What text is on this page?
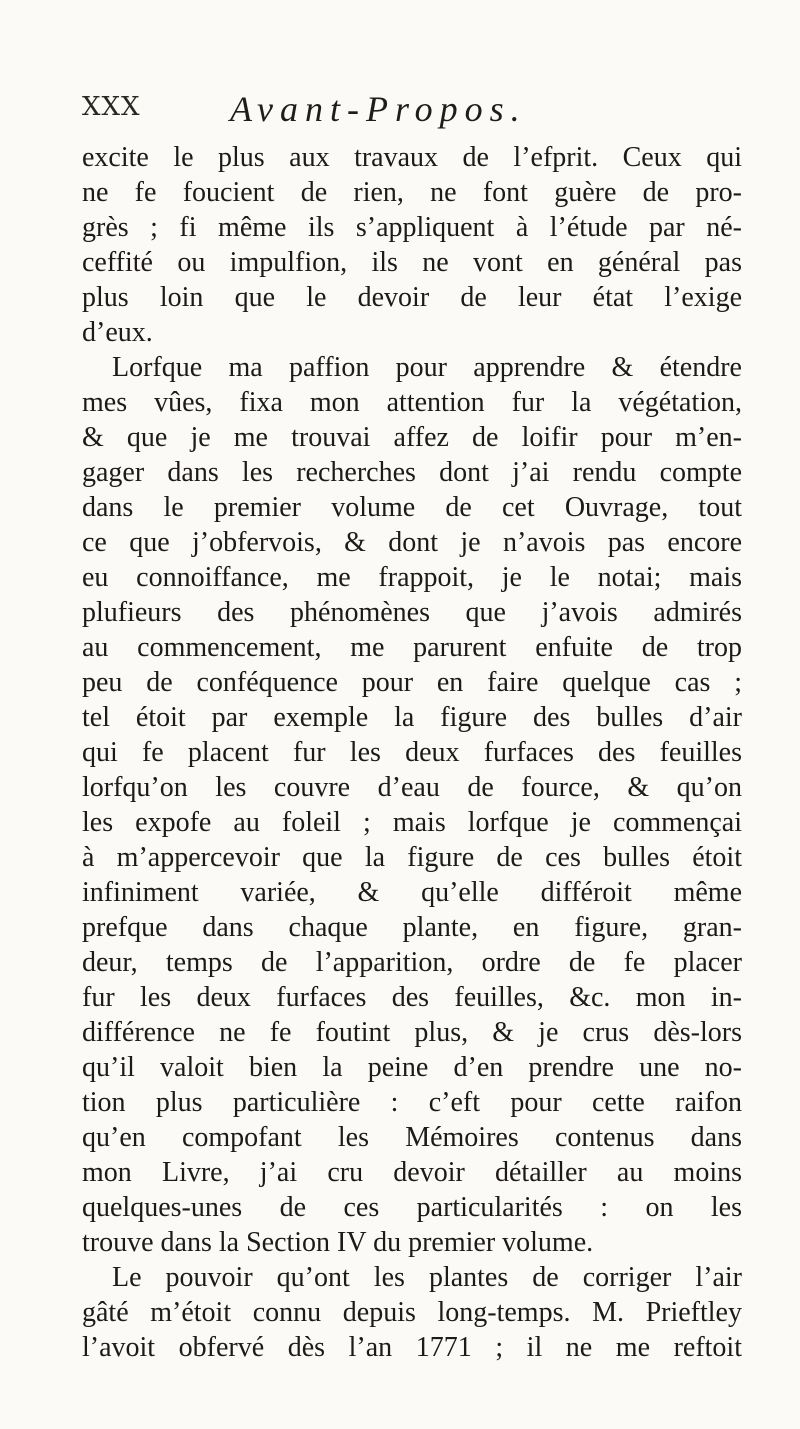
XXX Avant-Propos.
excite le plus aux travaux de l’efprit. Ceux qui
ne fe foucient de rien, ne font guère de pro-
grès ; fi même ils s’appliquent à l’étude par né-
ceffité ou impulfion, ils ne vont en général pas
plus loin que le devoir de leur état l’exige
d’eux.
Lorfque ma paffion pour apprendre & étendre
mes vûes, fixa mon attention fur la végétation,
& que je me trouvai affez de loifir pour m’en-
gager dans les recherches dont j’ai rendu compte
dans le premier volume de cet Ouvrage, tout
ce que j’obfervois, & dont je n’avois pas encore
eu connoiffance, me frappoit, je le notai; mais
plufieurs des phénomènes que j’avois admirés
au commencement, me parurent enfuite de trop
peu de conféquence pour en faire quelque cas ;
tel étoit par exemple la figure des bulles d’air
qui fe placent fur les deux furfaces des feuilles
lorfqu’on les couvre d’eau de fource, & qu’on
les expofe au foleil ; mais lorfque je commençai
à m’appercevoir que la figure de ces bulles étoit
infiniment variée, & qu’elle différoit même
prefque dans chaque plante, en figure, gran-
deur, temps de l’apparition, ordre de fe placer
fur les deux furfaces des feuilles, &c. mon in-
différence ne fe foutint plus, & je crus dès-lors
qu’il valoit bien la peine d’en prendre une no-
tion plus particulière : c’eft pour cette raifon
qu’en compofant les Mémoires contenus dans
mon Livre, j’ai cru devoir détailler au moins
quelques-unes de ces particularités : on les
trouve dans la Section IV du premier volume.
Le pouvoir qu’ont les plantes de corriger l’air
gâté m’étoit connu depuis long-temps. M. Prieftley
l’avoit obfervé dès l’an 1771 ; il ne me reftoit
